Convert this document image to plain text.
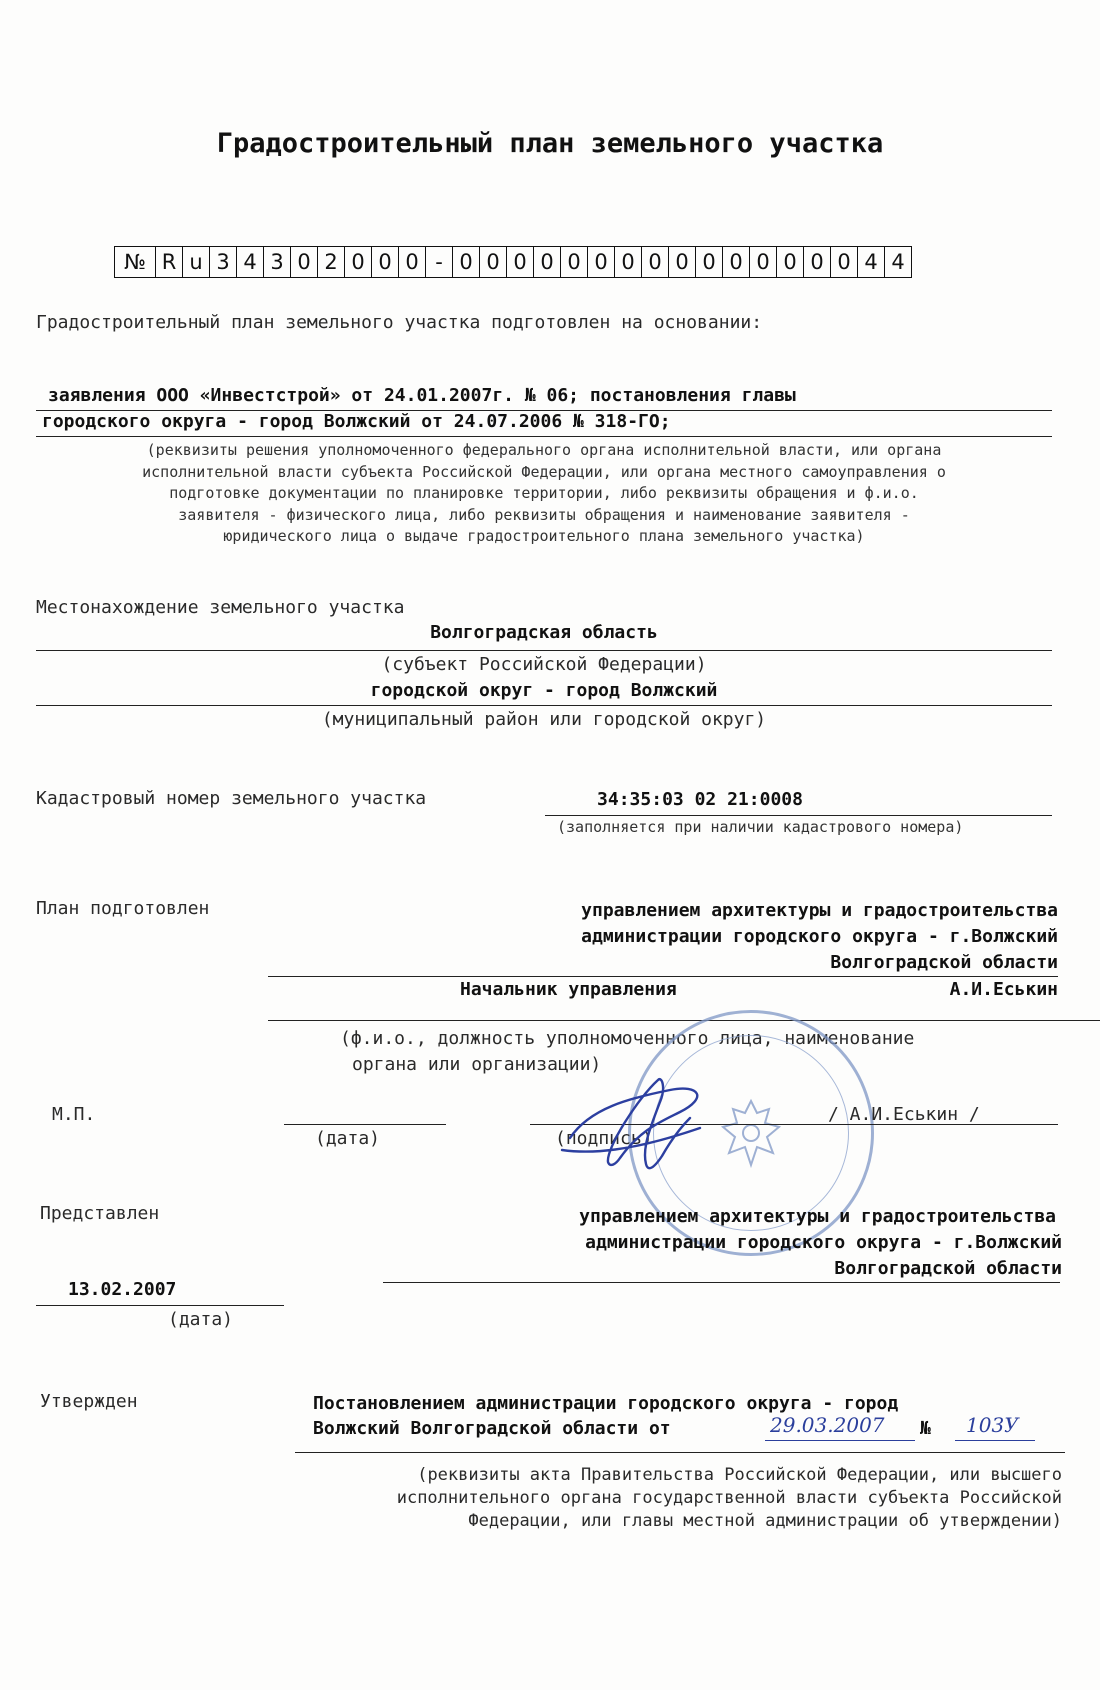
Градостроительный план земельного участка
№ R u 3 4 3 0 2 0 0 0 - 0 0 0 0 0 0 0 0 0 0 0 0 0 0 0 4 4
Градостроительный план земельного участка подготовлен на основании:
заявления ООО «Инвестстрой» от 24.01.2007г. № 06; постановления главы
городского округа - город Волжский от 24.07.2006 № 318-ГО;
(реквизиты решения уполномоченного федерального органа исполнительной власти, или органа
исполнительной власти субъекта Российской Федерации, или органа местного самоуправления о
подготовке документации по планировке территории, либо реквизиты обращения и ф.и.о.
заявителя - физического лица, либо реквизиты обращения и наименование заявителя -
юридического лица о выдаче градостроительного плана земельного участка)
Местонахождение земельного участка
Волгоградская область
(субъект Российской Федерации)
городской округ - город Волжский
(муниципальный район или городской округ)
Кадастровый номер земельного участка	34:35:03 02 21:0008
(заполняется при наличии кадастрового номера)
План подготовлен	управлением архитектуры и градостроительства
администрации городского округа - г.Волжский
Волгоградской области
Начальник управления	А.И.Еськин
(ф.и.о., должность уполномоченного лица, наименование
органа или организации)
М.П.
(дата)	(подпись)
/ А.И.Еськин /
Представлен	управлением архитектуры и градостроительства
администрации городского округа - г.Волжский
Волгоградской области
13.02.2007
(дата)
Утвержден	Постановлением администрации городского округа - город
Волжский Волгоградской области от	29.03.2007 № 103У
(реквизиты акта Правительства Российской Федерации, или высшего
исполнительного органа государственной власти субъекта Российской
Федерации, или главы местной администрации об утверждении)
